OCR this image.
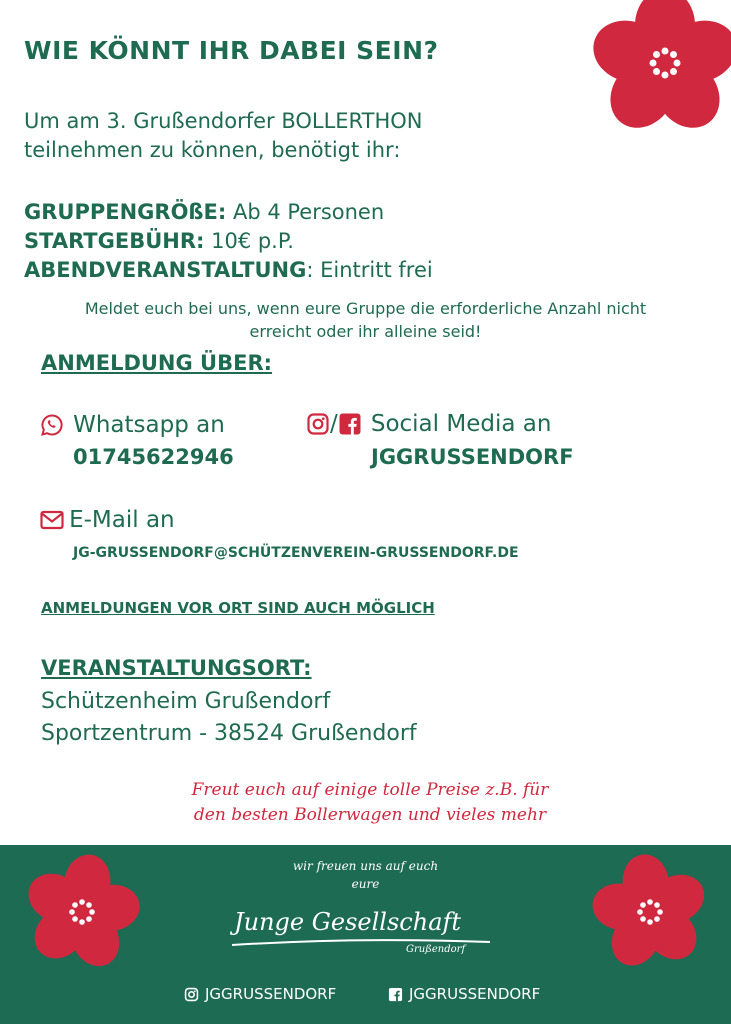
WIE KÖNNT IHR DABEI SEIN?
Um am 3. Grußendorfer BOLLERTHON
teilnehmen zu können, benötigt ihr:
GRUPPENGRÖßE: Ab 4 Personen
STARTGEBÜHR: 10€ p.P.
ABENDVERANSTALTUNG: Eintritt frei
Meldet euch bei uns, wenn eure Gruppe die erforderliche Anzahl nicht
erreicht oder ihr alleine seid!
ANMELDUNG ÜBER:
Whatsapp an
01745622946
/ Social Media an
JGGRUSSENDORF
E-Mail an
JG-GRUSSENDORF@SCHÜTZENVEREIN-GRUSSENDORF.DE
ANMELDUNGEN VOR ORT SIND AUCH MÖGLICH
VERANSTALTUNGSORT:
Schützenheim Grußendorf
Sportzentrum - 38524 Grußendorf
Freut euch auf einige tolle Preise z.B. für
den besten Bollerwagen und vieles mehr
wir freuen uns auf euch
eure
Junge Gesellschaft
Grußendorf
JGGRUSSENDORF	JGGRUSSENDORF
